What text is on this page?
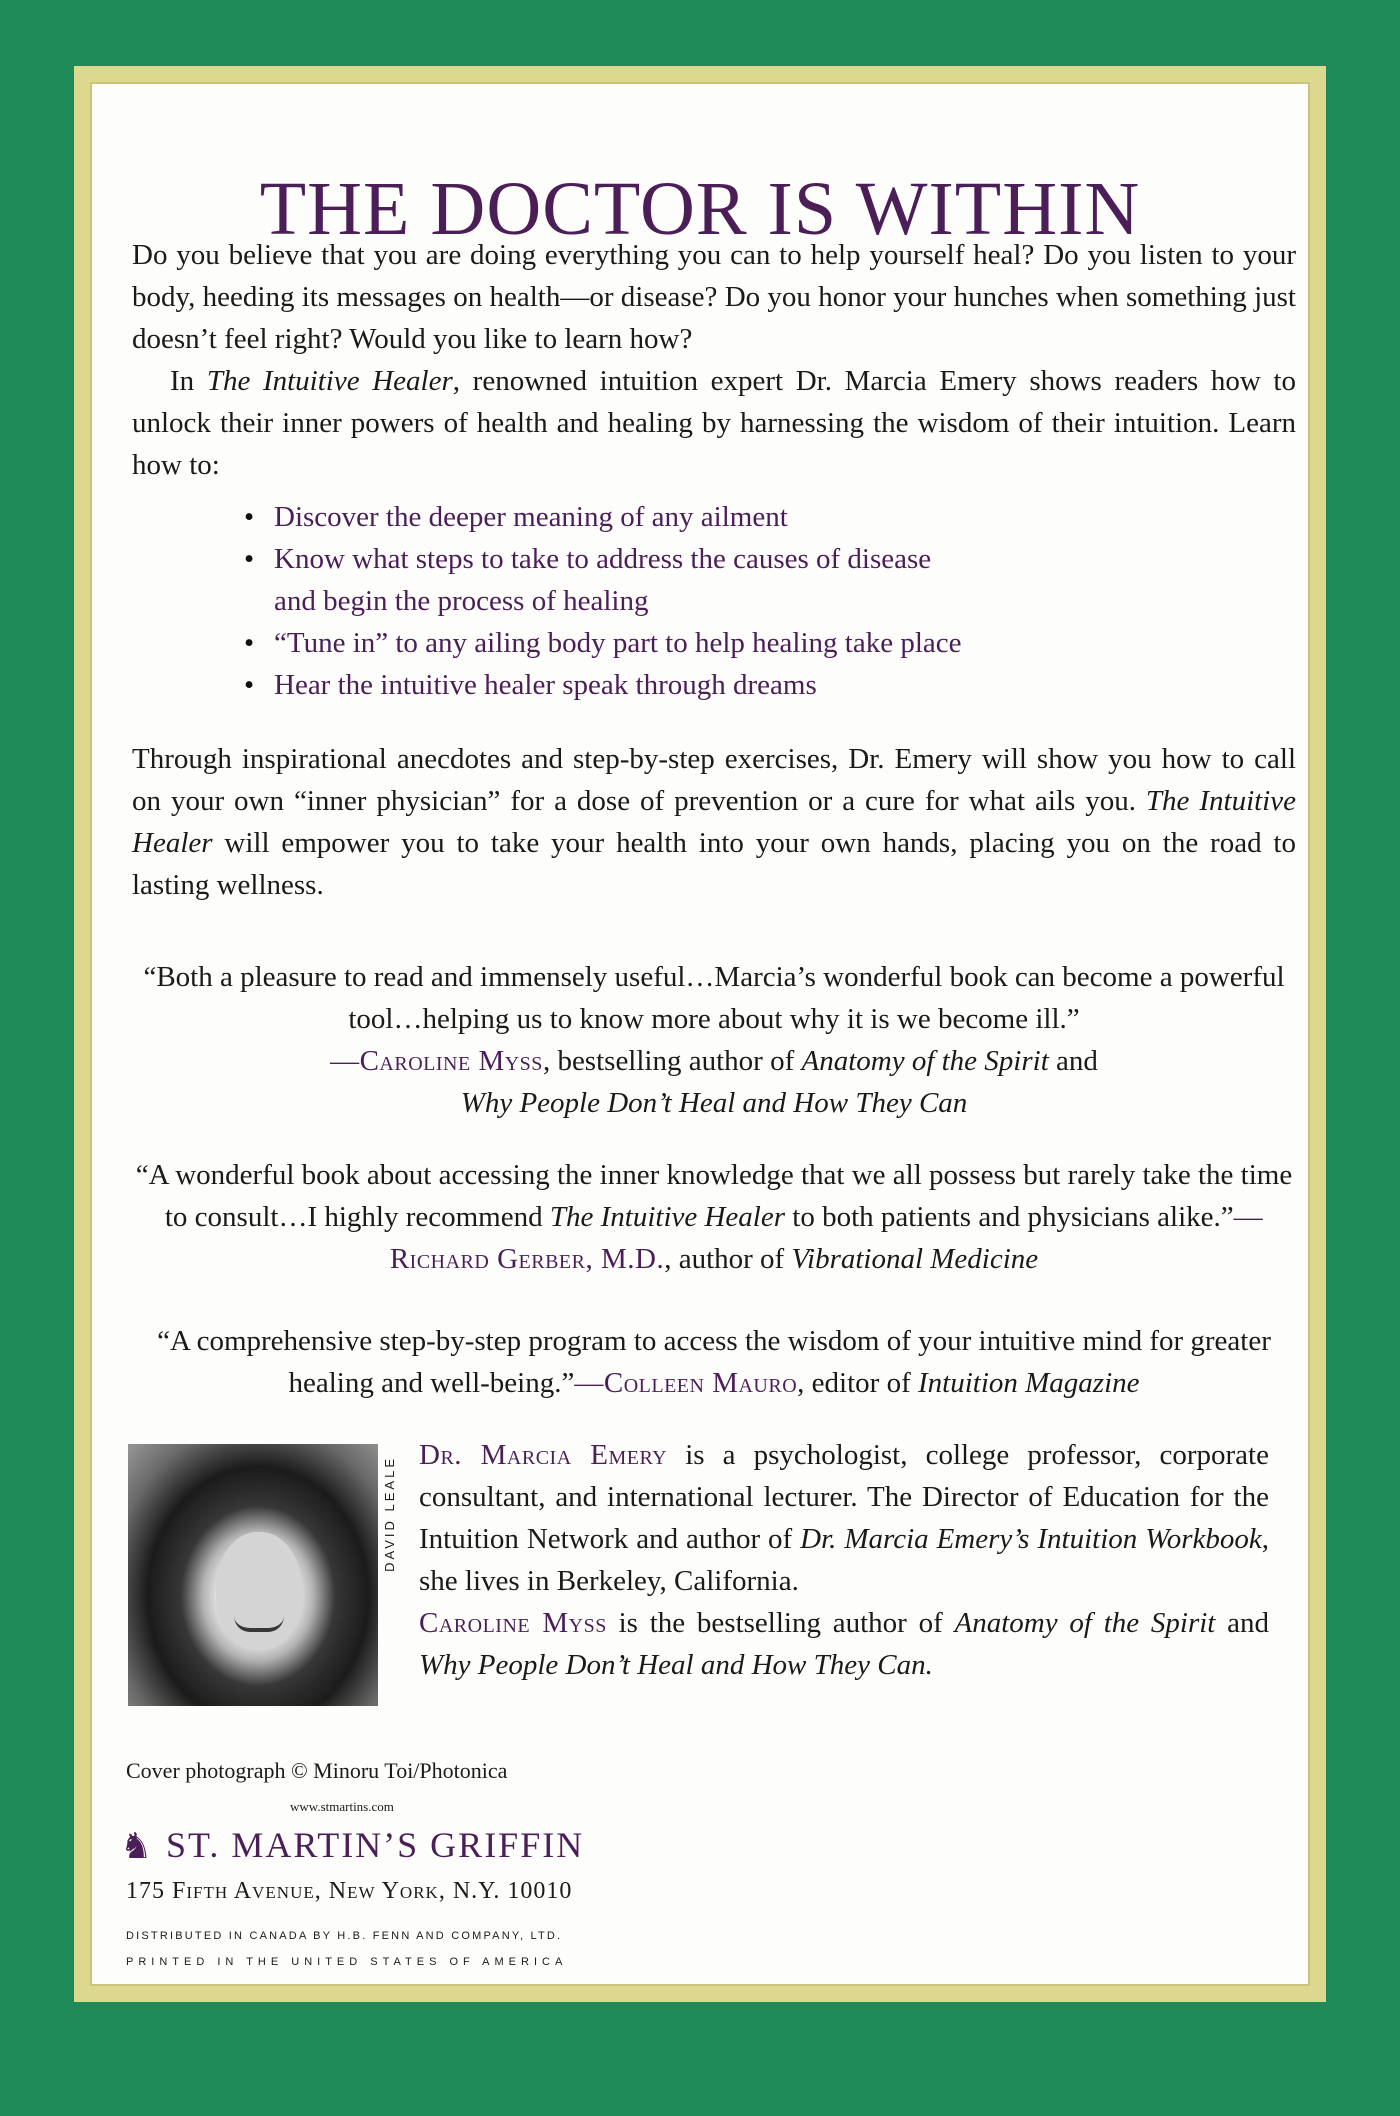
THE DOCTOR IS WITHIN
Do you believe that you are doing everything you can to help yourself heal? Do you listen to your body, heeding its messages on health—or disease? Do you honor your hunches when something just doesn’t feel right? Would you like to learn how?
In The Intuitive Healer, renowned intuition expert Dr. Marcia Emery shows readers how to unlock their inner powers of health and healing by harnessing the wisdom of their intuition. Learn how to:
• Discover the deeper meaning of any ailment
• Know what steps to take to address the causes of disease
and begin the process of healing
• “Tune in” to any ailing body part to help healing take place
• Hear the intuitive healer speak through dreams
Through inspirational anecdotes and step-by-step exercises, Dr. Emery will show you how to call on your own “inner physician” for a dose of prevention or a cure for what ails you. The Intuitive Healer will empower you to take your health into your own hands, placing you on the road to lasting wellness.
“Both a pleasure to read and immensely useful…Marcia’s wonderful book can become a powerful tool…helping us to know more about why it is we become ill.”
—Caroline Myss, bestselling author of Anatomy of the Spirit and
Why People Don’t Heal and How They Can
“A wonderful book about accessing the inner knowledge that we all possess but rarely take the time to consult…I highly recommend The Intuitive Healer to both patients and physicians alike.”—Richard Gerber, M.D., author of Vibrational Medicine
“A comprehensive step-by-step program to access the wisdom of your intuitive mind for greater healing and well-being.”—Colleen Mauro, editor of Intuition Magazine
DAVID LEALE
Dr. Marcia Emery is a psychologist, college professor, corporate consultant, and international lecturer. The Director of Education for the Intuition Network and author of Dr. Marcia Emery’s Intuition Workbook, she lives in Berkeley, California.
Caroline Myss is the bestselling author of Anatomy of the Spirit and Why People Don’t Heal and How They Can.
Cover photograph © Minoru Toi/Photonica
www.stmartins.com
♞ ST. MARTIN’S GRIFFIN
175 Fifth Avenue, New York, N.Y. 10010
DISTRIBUTED IN CANADA BY H.B. FENN AND COMPANY, LTD.
PRINTED IN THE UNITED STATES OF AMERICA
